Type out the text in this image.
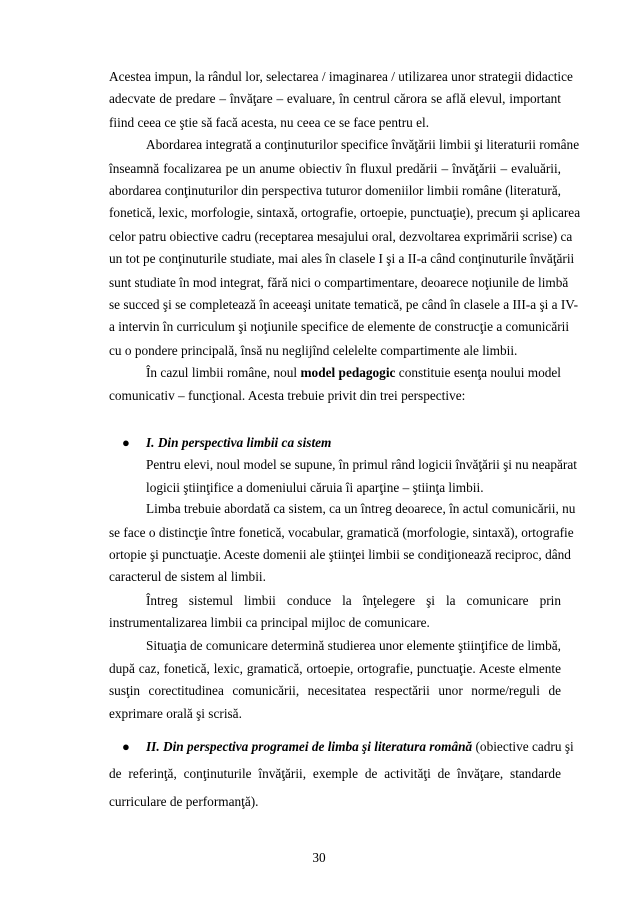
Acestea impun, la rândul lor, selectarea / imaginarea / utilizarea unor strategii didactice
adecvate de predare – învăţare – evaluare, în centrul cărora se află elevul, important
fiind ceea ce ştie să facă acesta, nu ceea ce se face pentru el.
Abordarea integrată a conţinuturilor specifice învăţării limbii şi literaturii române
înseamnă focalizarea pe un anume obiectiv în fluxul predării – învăţării – evaluării,
abordarea conţinuturilor din perspectiva tuturor domeniilor limbii române (literatură,
fonetică, lexic, morfologie, sintaxă, ortografie, ortoepie, punctuaţie), precum şi aplicarea
celor patru obiective cadru (receptarea mesajului oral, dezvoltarea exprimării scrise) ca
un tot pe conţinuturile studiate, mai ales în clasele I şi a II-a când conţinuturile învăţării
sunt studiate în mod integrat, fără nici o compartimentare, deoarece noţiunile de limbă
se succed şi se completează în aceeaşi unitate tematică, pe când în clasele a III-a şi a IV-
a intervin în curriculum şi noţiunile specifice de elemente de construcţie a comunicării
cu o pondere principală, însă nu neglijînd celelelte compartimente ale limbii.
În cazul limbii române, noul model pedagogic constituie esenţa noului model
comunicativ – funcţional. Acesta trebuie privit din trei perspective:
● I. Din perspectiva limbii ca sistem
Pentru elevi, noul model se supune, în primul rând logicii învăţării şi nu neapărat
logicii ştiinţifice a domeniului căruia îi aparţine – ştiinţa limbii.
Limba trebuie abordată ca sistem, ca un întreg deoarece, în actul comunicării, nu
se face o distincţie între fonetică, vocabular, gramatică (morfologie, sintaxă), ortografie
ortopie şi punctuaţie. Aceste domenii ale ştiinţei limbii se condiţionează reciproc, dând
caracterul de sistem al limbii.
Întreg sistemul limbii conduce la înţelegere şi la comunicare prin
instrumentalizarea limbii ca principal mijloc de comunicare.
Situaţia de comunicare determină studierea unor elemente ştiinţifice de limbă,
după caz, fonetică, lexic, gramatică, ortoepie, ortografie, punctuaţie. Aceste elmente
susţin corectitudinea comunicării, necesitatea respectării unor norme/reguli de
exprimare orală şi scrisă.
● II. Din perspectiva programei de limba şi literatura română (obiective cadru şi
de referinţă, conţinuturile învăţării, exemple de activităţi de învăţare, standarde
30
curriculare de performanţă).
